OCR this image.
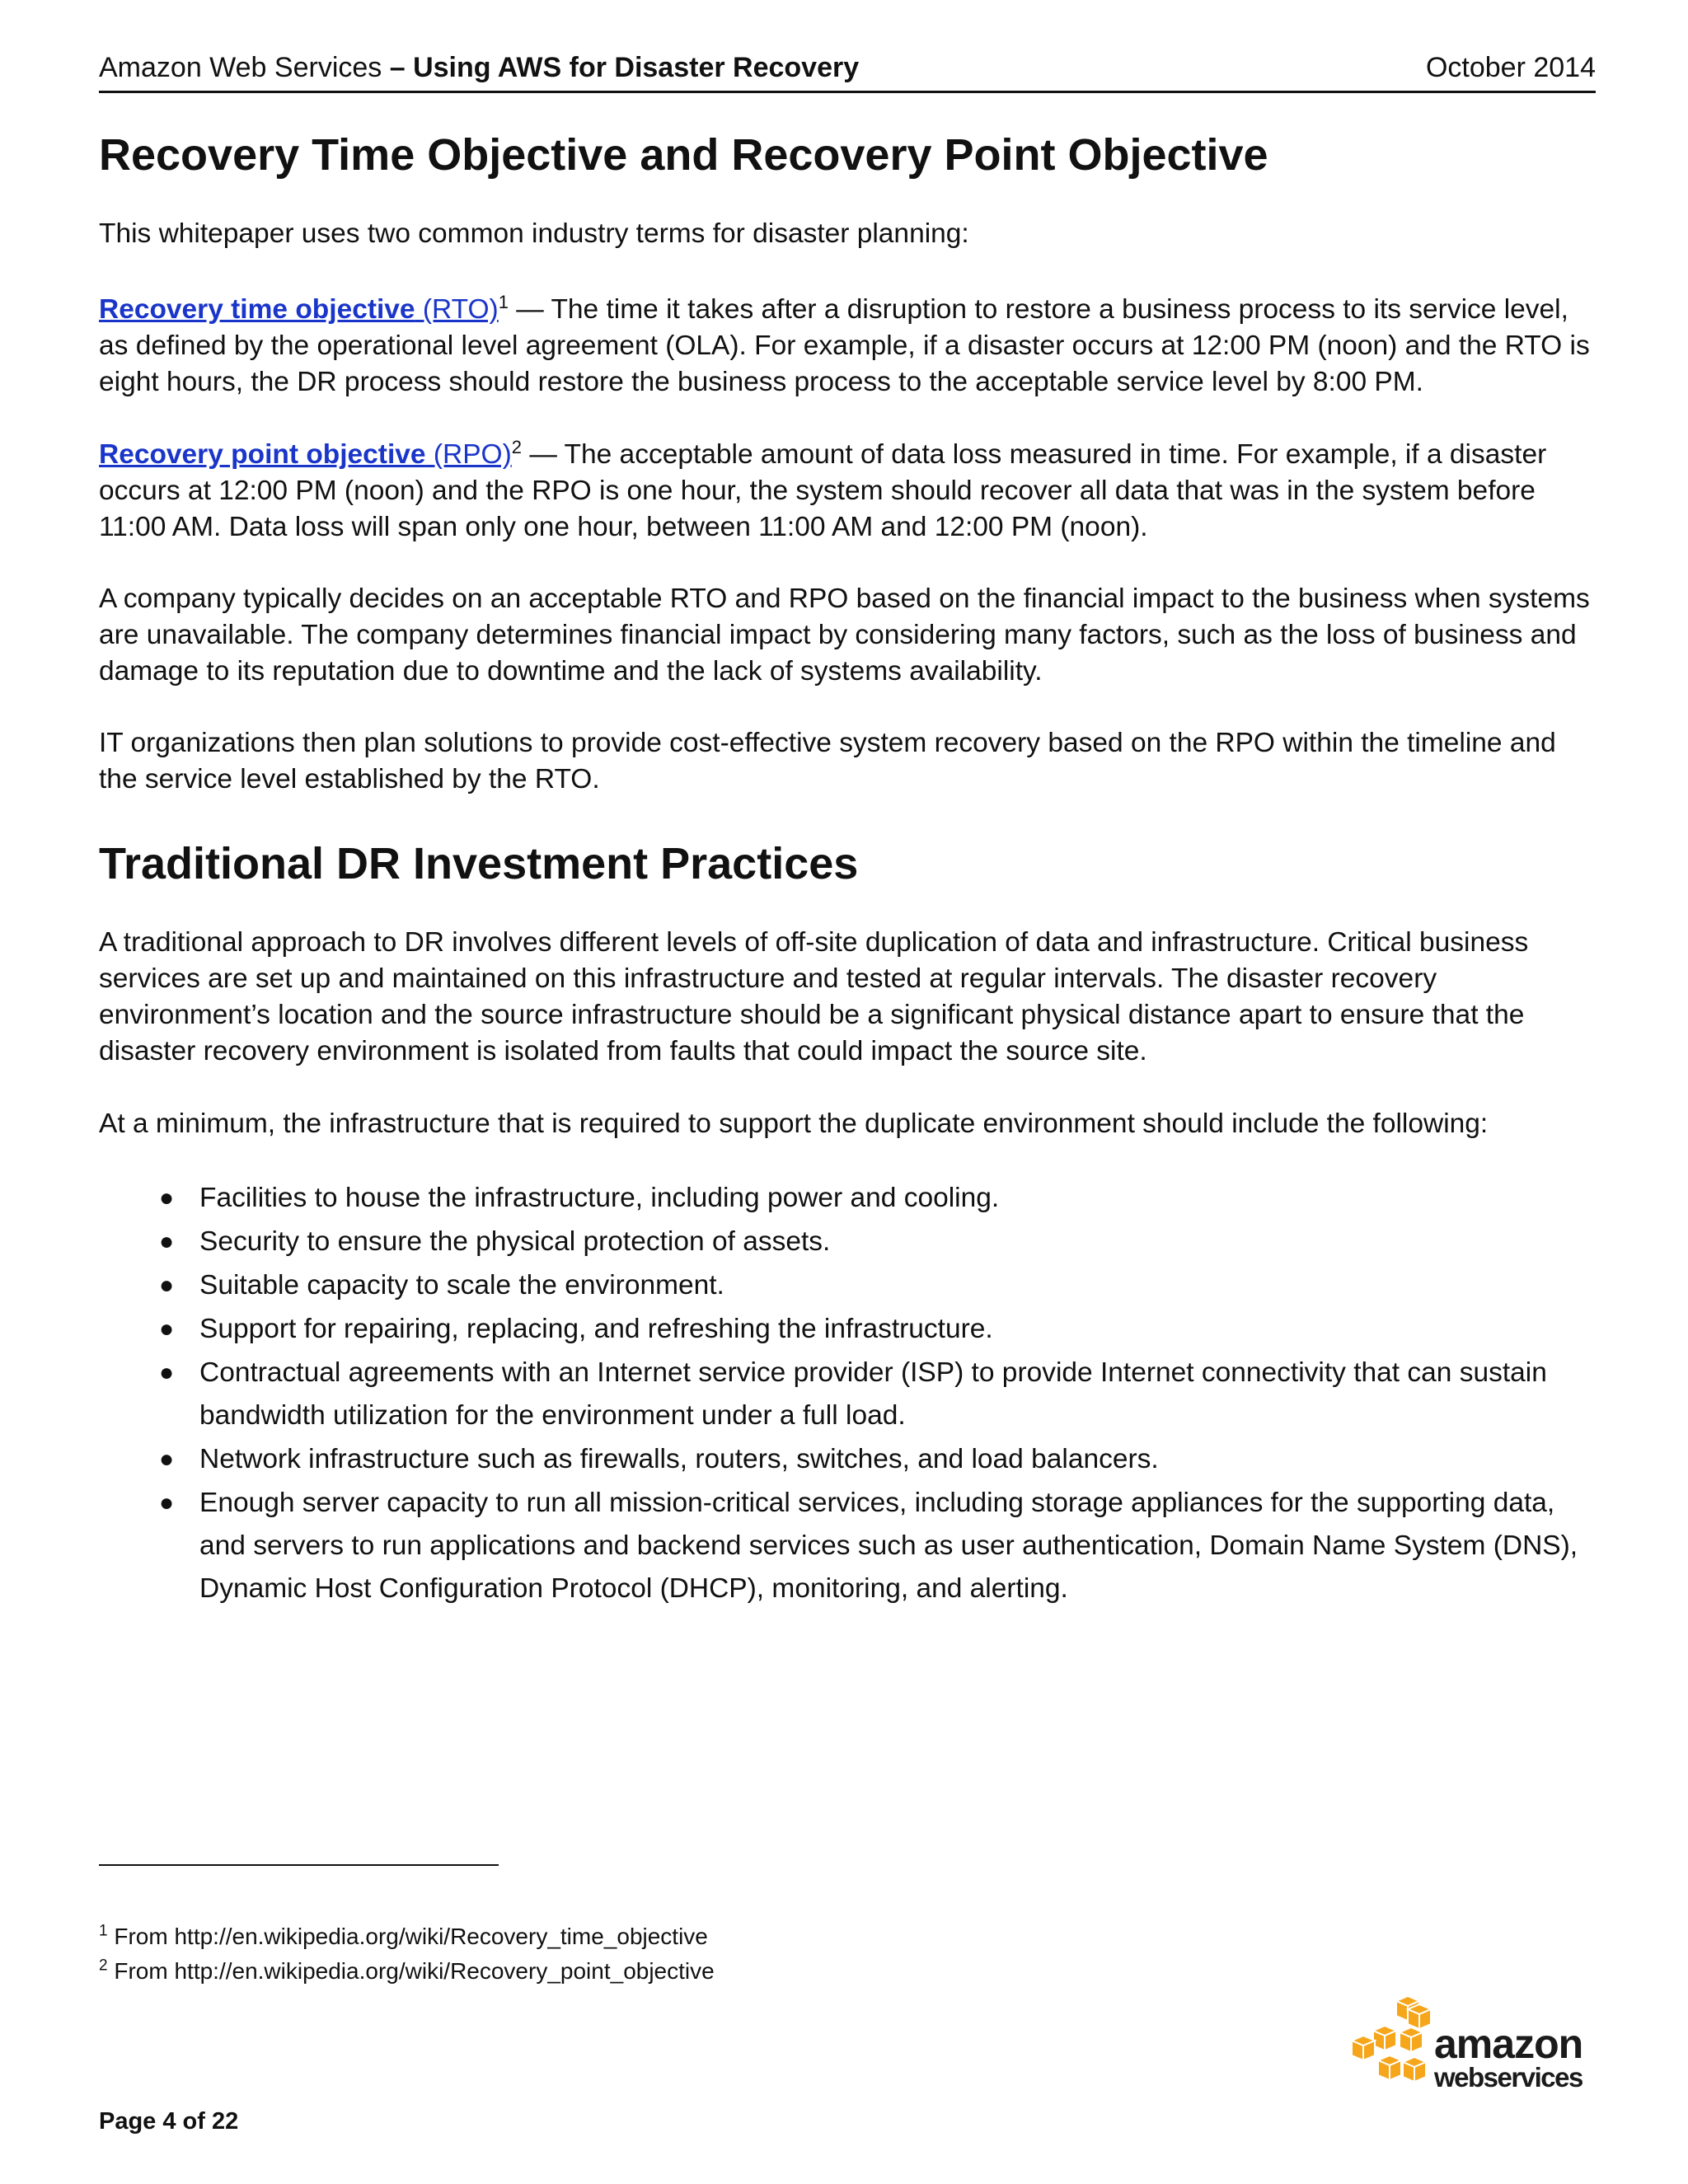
Amazon Web Services – Using AWS for Disaster Recovery	October 2014
Recovery Time Objective and Recovery Point Objective

This whitepaper uses two common industry terms for disaster planning:

Recovery time objective (RTO)$^1$ — The time it takes after a disruption to restore a business process to its service level, as defined by the operational level agreement (OLA). For example, if a disaster occurs at 12:00 PM (noon) and the RTO is eight hours, the DR process should restore the business process to the acceptable service level by 8:00 PM.

Recovery point objective (RPO)$^2$ — The acceptable amount of data loss measured in time. For example, if a disaster occurs at 12:00 PM (noon) and the RPO is one hour, the system should recover all data that was in the system before 11:00 AM. Data loss will span only one hour, between 11:00 AM and 12:00 PM (noon).

A company typically decides on an acceptable RTO and RPO based on the financial impact to the business when systems are unavailable. The company determines financial impact by considering many factors, such as the loss of business and damage to its reputation due to downtime and the lack of systems availability.

IT organizations then plan solutions to provide cost-effective system recovery based on the RPO within the timeline and the service level established by the RTO.

Traditional DR Investment Practices

A traditional approach to DR involves different levels of off-site duplication of data and infrastructure. Critical business services are set up and maintained on this infrastructure and tested at regular intervals. The disaster recovery environment’s location and the source infrastructure should be a significant physical distance apart to ensure that the disaster recovery environment is isolated from faults that could impact the source site.

At a minimum, the infrastructure that is required to support the duplicate environment should include the following:

● Facilities to house the infrastructure, including power and cooling.
● Security to ensure the physical protection of assets.
● Suitable capacity to scale the environment.
● Support for repairing, replacing, and refreshing the infrastructure.
● Contractual agreements with an Internet service provider (ISP) to provide Internet connectivity that can sustain bandwidth utilization for the environment under a full load.
● Network infrastructure such as firewalls, routers, switches, and load balancers.
● Enough server capacity to run all mission-critical services, including storage appliances for the supporting data, and servers to run applications and backend services such as user authentication, Domain Name System (DNS), Dynamic Host Configuration Protocol (DHCP), monitoring, and alerting.
$^1$ From http://en.wikipedia.org/wiki/Recovery_time_objective
$^2$ From http://en.wikipedia.org/wiki/Recovery_point_objective
Page 4 of 22
amazon
webservices
